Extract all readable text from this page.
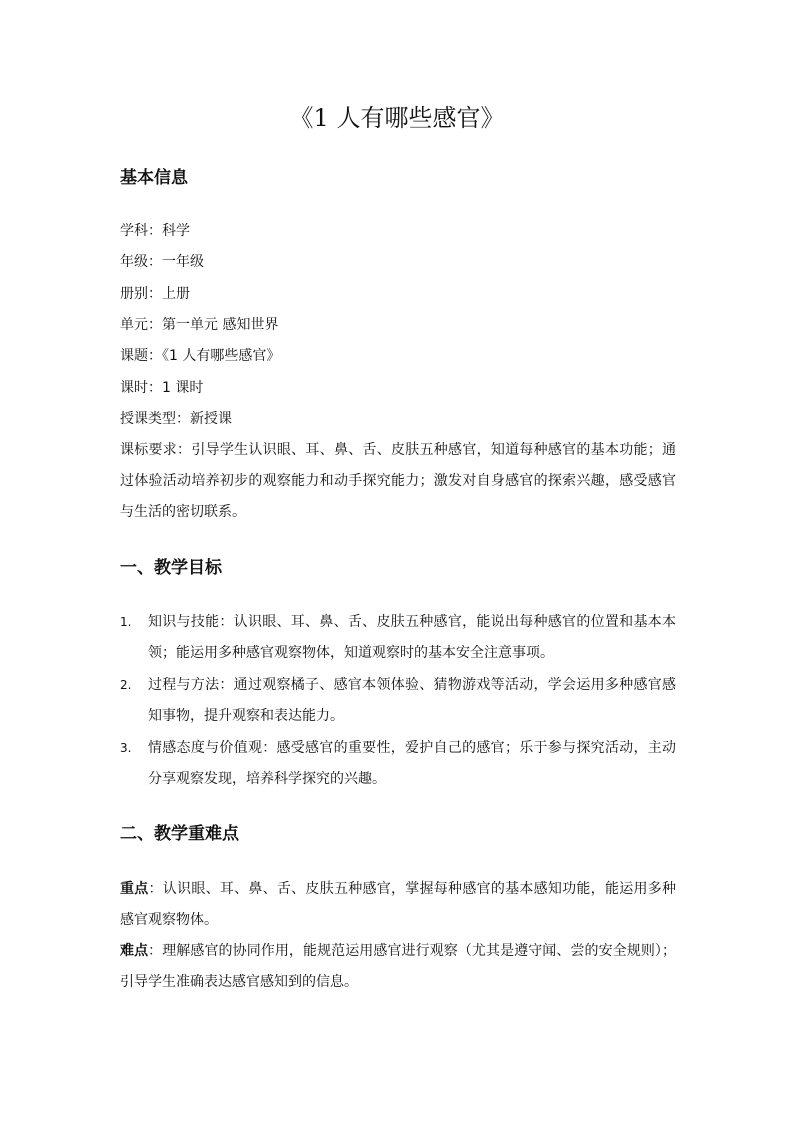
《1 人有哪些感官》
基本信息
学科：科学
年级：一年级
册别：上册
单元：第一单元 感知世界
课题：《1 人有哪些感官》
课时：1 课时
授课类型：新授课
课标要求：引导学生认识眼、耳、鼻、舌、皮肤五种感官，知道每种感官的基本功能；通过体验活动培养初步的观察能力和动手探究能力；激发对自身感官的探索兴趣，感受感官与生活的密切联系。
一、教学目标
1.	知识与技能：认识眼、耳、鼻、舌、皮肤五种感官，能说出每种感官的位置和基本本领；能运用多种感官观察物体，知道观察时的基本安全注意事项。
2.	过程与方法：通过观察橘子、感官本领体验、猜物游戏等活动，学会运用多种感官感知事物，提升观察和表达能力。
3.	情感态度与价值观：感受感官的重要性，爱护自己的感官；乐于参与探究活动，主动分享观察发现，培养科学探究的兴趣。
二、教学重难点
重点：认识眼、耳、鼻、舌、皮肤五种感官，掌握每种感官的基本感知功能，能运用多种感官观察物体。
难点：理解感官的协同作用，能规范运用感官进行观察（尤其是遵守闻、尝的安全规则）；引导学生准确表达感官感知到的信息。
